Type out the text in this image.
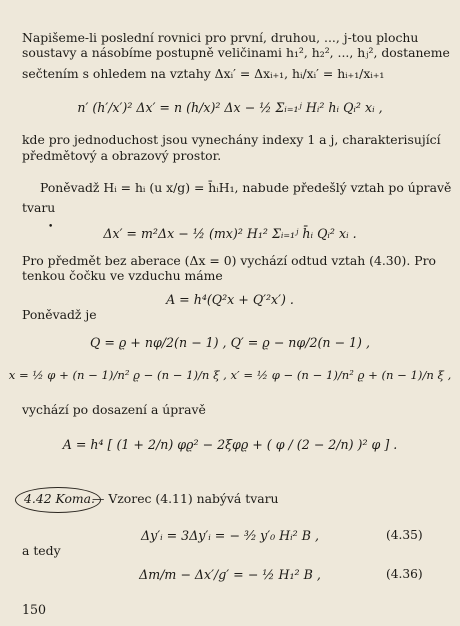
Napišeme-li poslední rovnici pro první, druhou, ..., j-tou plochu
soustavy a násobíme postupně veličinami h₁², h₂², ..., hⱼ², dostaneme
sečtením s ohledem na vztahy Δxᵢ′ = Δxᵢ₊₁, hᵢ/xᵢ′ = hᵢ₊₁/xᵢ₊₁
n′ (h′/x′)² Δx′ = n (h/x)² Δx − ½ Σᵢ₌₁ʲ Hᵢ² hᵢ Qᵢ² xᵢ ,
kde pro jednoduchost jsou vynechány indexy 1 a j, charakterisující
předmětový a obrazový prostor.
Poněvadž Hᵢ = hᵢ (u x/g) = h̄ᵢH₁, nabude předešlý vztah po úpravě
tvaru
•	Δx′ = m²Δx − ½ (mx)² H₁² Σᵢ₌₁ʲ h̄ᵢ Qᵢ² xᵢ .
Pro předmět bez aberace (Δx = 0) vychází odtud vztah (4.30). Pro
tenkou čočku ve vzduchu máme
A = h⁴(Q²x + Q′²x′) .
Poněvadž je
Q = ϱ + nφ/2(n − 1) , Q′ = ϱ − nφ/2(n − 1) ,
x = ½ φ + (n − 1)/n² ϱ − (n − 1)/n ξ , x′ = ½ φ − (n − 1)/n² ϱ + (n − 1)/n ξ ,
vychází po dosazení a úpravě
A = h⁴ [ (1 + 2/n) φϱ² − 2ξφϱ + ( φ / (2 − 2/n) )² φ ] .
4.42 Koma.
— Vzorec (4.11) nabývá tvaru
Δy′ᵢ = 3Δy′ᵢ = − ³⁄₂ y′₀ Hᵢ² B ,	(4.35)
a tedy
Δm/m − Δx′/g′ = − ½ H₁² B ,	(4.36)
150
